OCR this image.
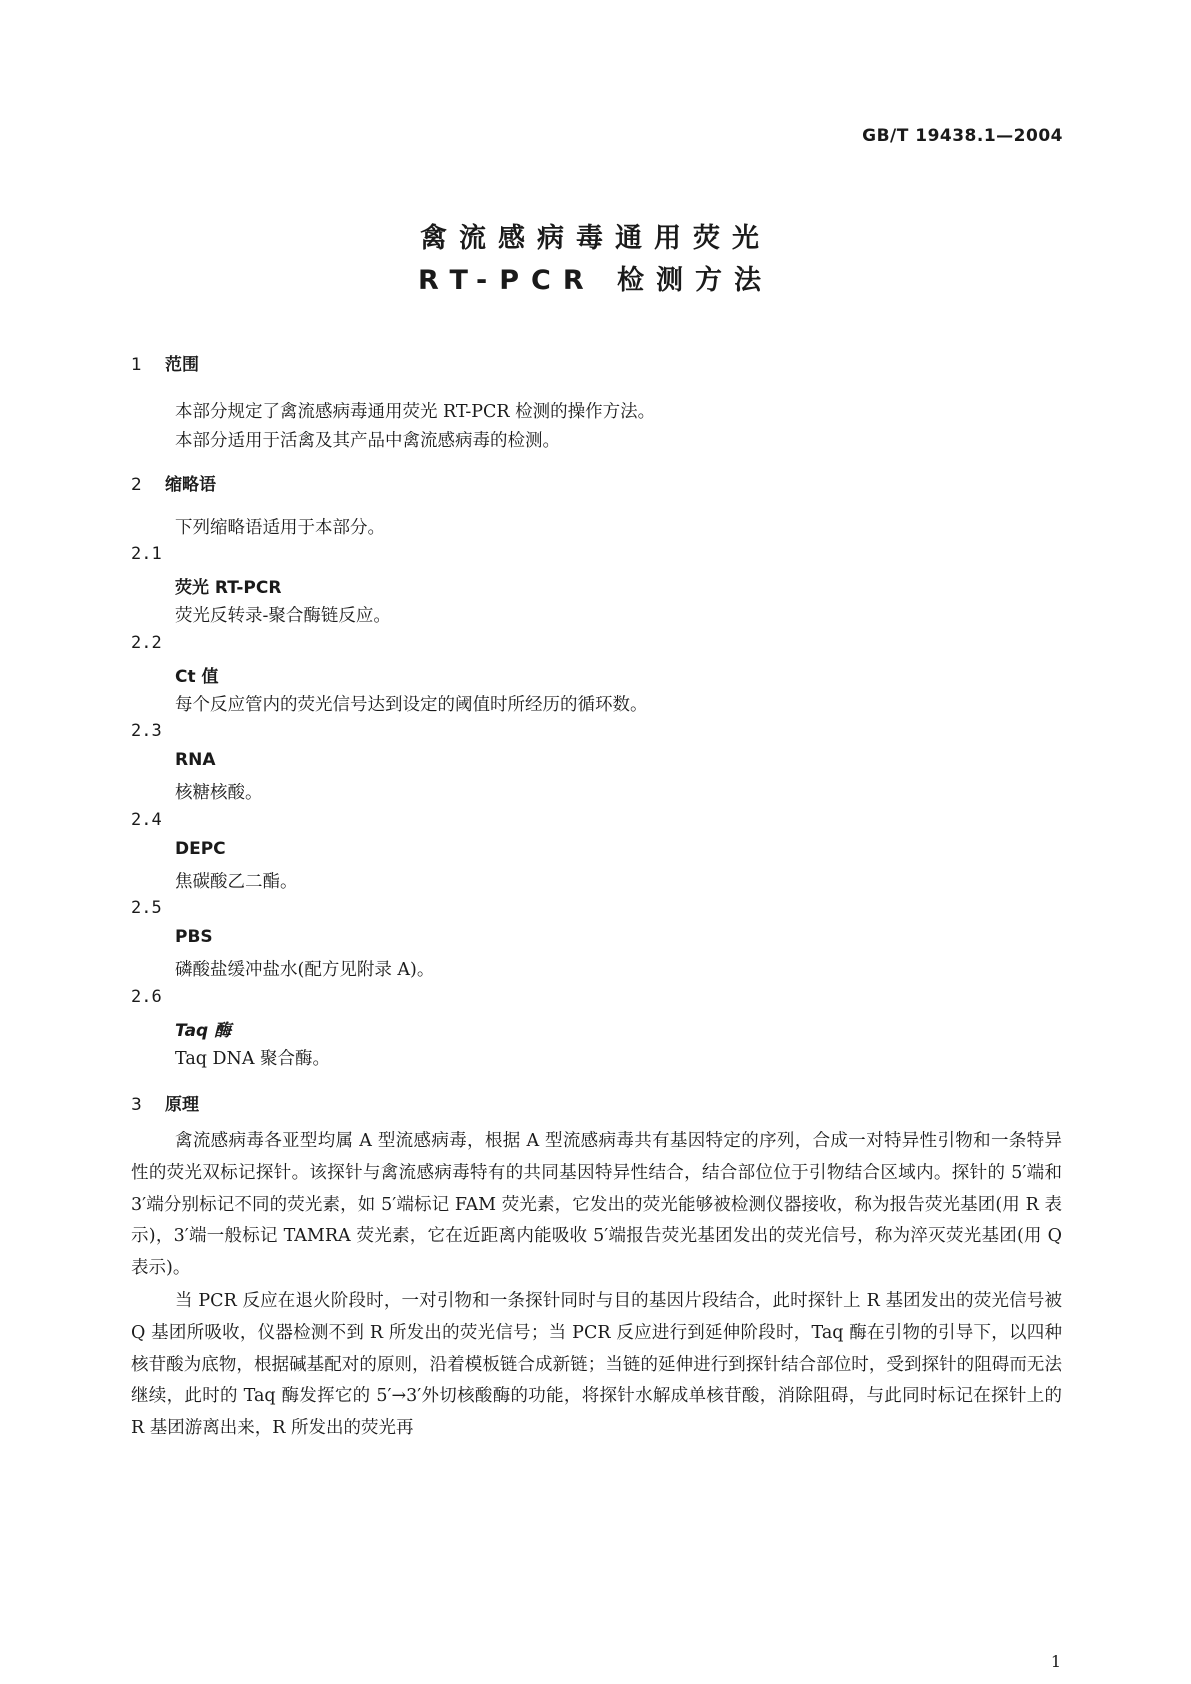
GB/T 19438.1—2004
禽流感病毒通用荧光
RT-PCR 检测方法
1 范围
本部分规定了禽流感病毒通用荧光 RT-PCR 检测的操作方法。
本部分适用于活禽及其产品中禽流感病毒的检测。
2 缩略语
下列缩略语适用于本部分。
2.1
荧光 RT-PCR
荧光反转录-聚合酶链反应。
2.2
Ct 值
每个反应管内的荧光信号达到设定的阈值时所经历的循环数。
2.3
RNA
核糖核酸。
2.4
DEPC
焦碳酸乙二酯。
2.5
PBS
磷酸盐缓冲盐水(配方见附录 A)。
2.6
Taq 酶
Taq DNA 聚合酶。
3 原理
禽流感病毒各亚型均属 A 型流感病毒，根据 A 型流感病毒共有基因特定的序列，合成一对特异性引物和一条特异性的荧光双标记探针。该探针与禽流感病毒特有的共同基因特异性结合，结合部位位于引物结合区域内。探针的 5′端和 3′端分别标记不同的荧光素，如 5′端标记 FAM 荧光素，它发出的荧光能够被检测仪器接收，称为报告荧光基团(用 R 表示)，3′端一般标记 TAMRA 荧光素，它在近距离内能吸收 5′端报告荧光基团发出的荧光信号，称为淬灭荧光基团(用 Q 表示)。
当 PCR 反应在退火阶段时，一对引物和一条探针同时与目的基因片段结合，此时探针上 R 基团发出的荧光信号被 Q 基团所吸收，仪器检测不到 R 所发出的荧光信号；当 PCR 反应进行到延伸阶段时，Taq 酶在引物的引导下，以四种核苷酸为底物，根据碱基配对的原则，沿着模板链合成新链；当链的延伸进行到探针结合部位时，受到探针的阻碍而无法继续，此时的 Taq 酶发挥它的 5′→3′外切核酸酶的功能，将探针水解成单核苷酸，消除阻碍，与此同时标记在探针上的 R 基团游离出来，R 所发出的荧光再
1
